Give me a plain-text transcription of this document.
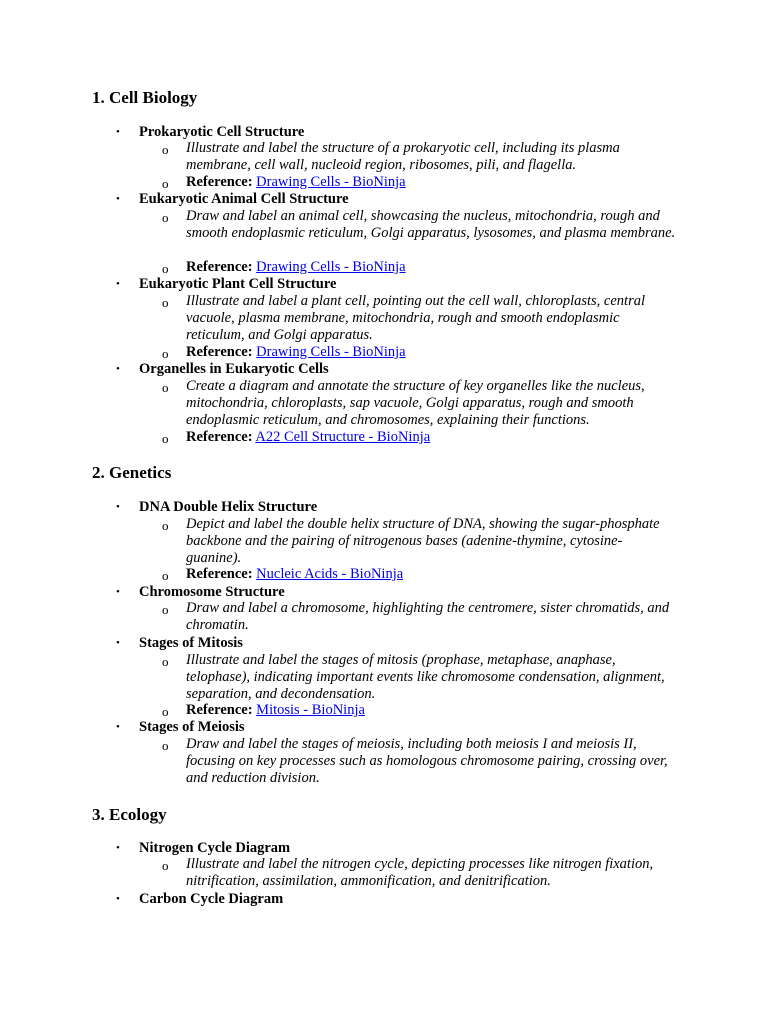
1. Cell Biology
• Prokaryotic Cell Structure
o Illustrate and label the structure of a prokaryotic cell, including its plasma membrane, cell wall, nucleoid region, ribosomes, pili, and flagella.

o Reference: Drawing Cells - BioNinja
• Eukaryotic Animal Cell Structure
o Draw and label an animal cell, showcasing the nucleus, mitochondria, rough and smooth endoplasmic reticulum, Golgi apparatus, lysosomes, and plasma membrane.

o Reference: Drawing Cells - BioNinja
• Eukaryotic Plant Cell Structure
o Illustrate and label a plant cell, pointing out the cell wall, chloroplasts, central vacuole, plasma membrane, mitochondria, rough and smooth endoplasmic reticulum, and Golgi apparatus.

o Reference: Drawing Cells - BioNinja
• Organelles in Eukaryotic Cells
o Create a diagram and annotate the structure of key organelles like the nucleus, mitochondria, chloroplasts, sap vacuole, Golgi apparatus, rough and smooth endoplasmic reticulum, and chromosomes, explaining their functions.

o Reference: A22 Cell Structure - BioNinja
2. Genetics
• DNA Double Helix Structure
o Depict and label the double helix structure of DNA, showing the sugar-phosphate backbone and the pairing of nitrogenous bases (adenine-thymine, cytosine-guanine).

o Reference: Nucleic Acids - BioNinja
• Chromosome Structure
o Draw and label a chromosome, highlighting the centromere, sister chromatids, and chromatin.

• Stages of Mitosis
o Illustrate and label the stages of mitosis (prophase, metaphase, anaphase, telophase), indicating important events like chromosome condensation, alignment, separation, and decondensation.

o Reference: Mitosis - BioNinja
• Stages of Meiosis
o Draw and label the stages of meiosis, including both meiosis I and meiosis II, focusing on key processes such as homologous chromosome pairing, crossing over, and reduction division.

3. Ecology
• Nitrogen Cycle Diagram
o Illustrate and label the nitrogen cycle, depicting processes like nitrogen fixation, nitrification, assimilation, ammonification, and denitrification.

• Carbon Cycle Diagram
